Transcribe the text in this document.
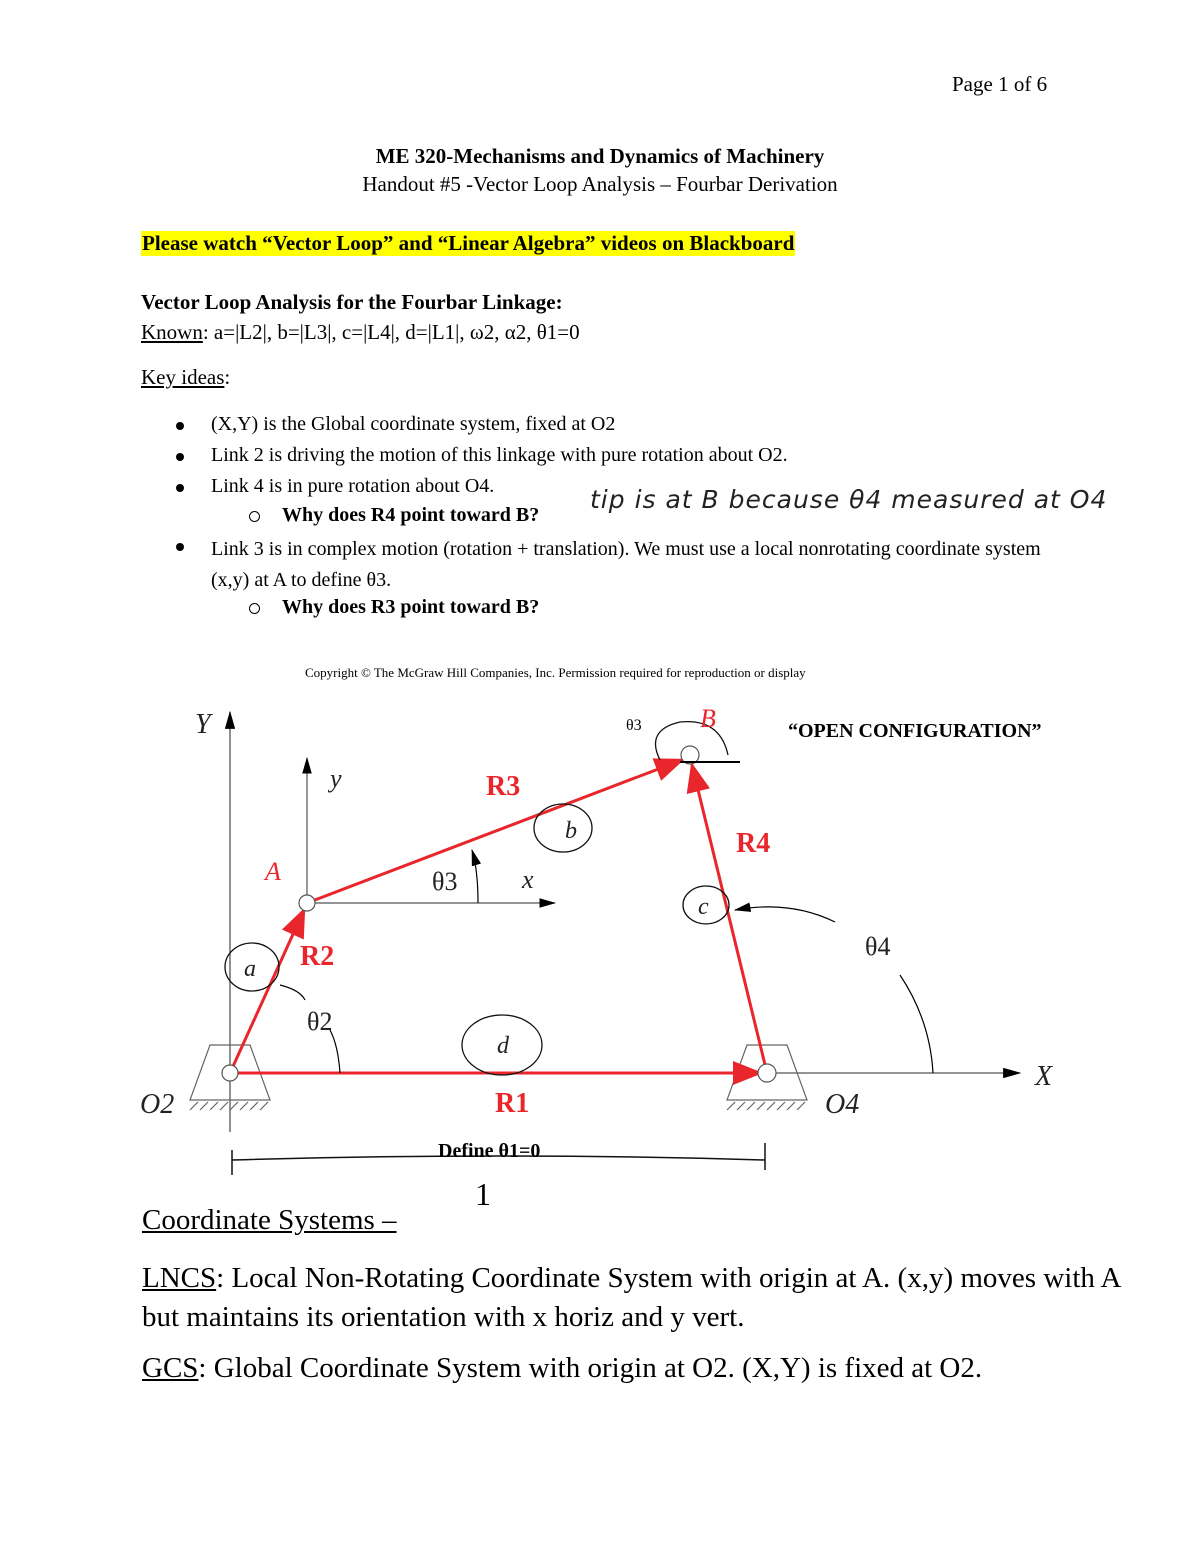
Page 1 of 6
ME 320-Mechanisms and Dynamics of Machinery
Handout #5 -Vector Loop Analysis – Fourbar Derivation
Please watch “Vector Loop” and “Linear Algebra” videos on Blackboard
Vector Loop Analysis for the Fourbar Linkage:
Known: a=|L2|, b=|L3|, c=|L4|, d=|L1|, ω2, α2, θ1=0
Key ideas:
(X,Y) is the Global coordinate system, fixed at O2
Link 2 is driving the motion of this linkage with pure rotation about O2.
Link 4 is in pure rotation about O4.
Why does R4 point toward B?
tip is at B because θ4 measured at O4
Link 3 is in complex motion (rotation + translation). We must use a local nonrotating coordinate system (x,y) at A to define θ3.
Why does R3 point toward B?
Copyright © The McGraw Hill Companies, Inc. Permission required for reproduction or display
Y
y
X
x
O2	O4
A
B
a
b
c
d
R1
R2
R3
R4
θ2
θ3
θ4
θ3	“OPEN CONFIGURATION”
Define θ1=0
1
Coordinate Systems –
LNCS: Local Non-Rotating Coordinate System with origin at A. (x,y) moves with A but maintains its orientation with x horiz and y vert.
GCS: Global Coordinate System with origin at O2. (X,Y) is fixed at O2.
